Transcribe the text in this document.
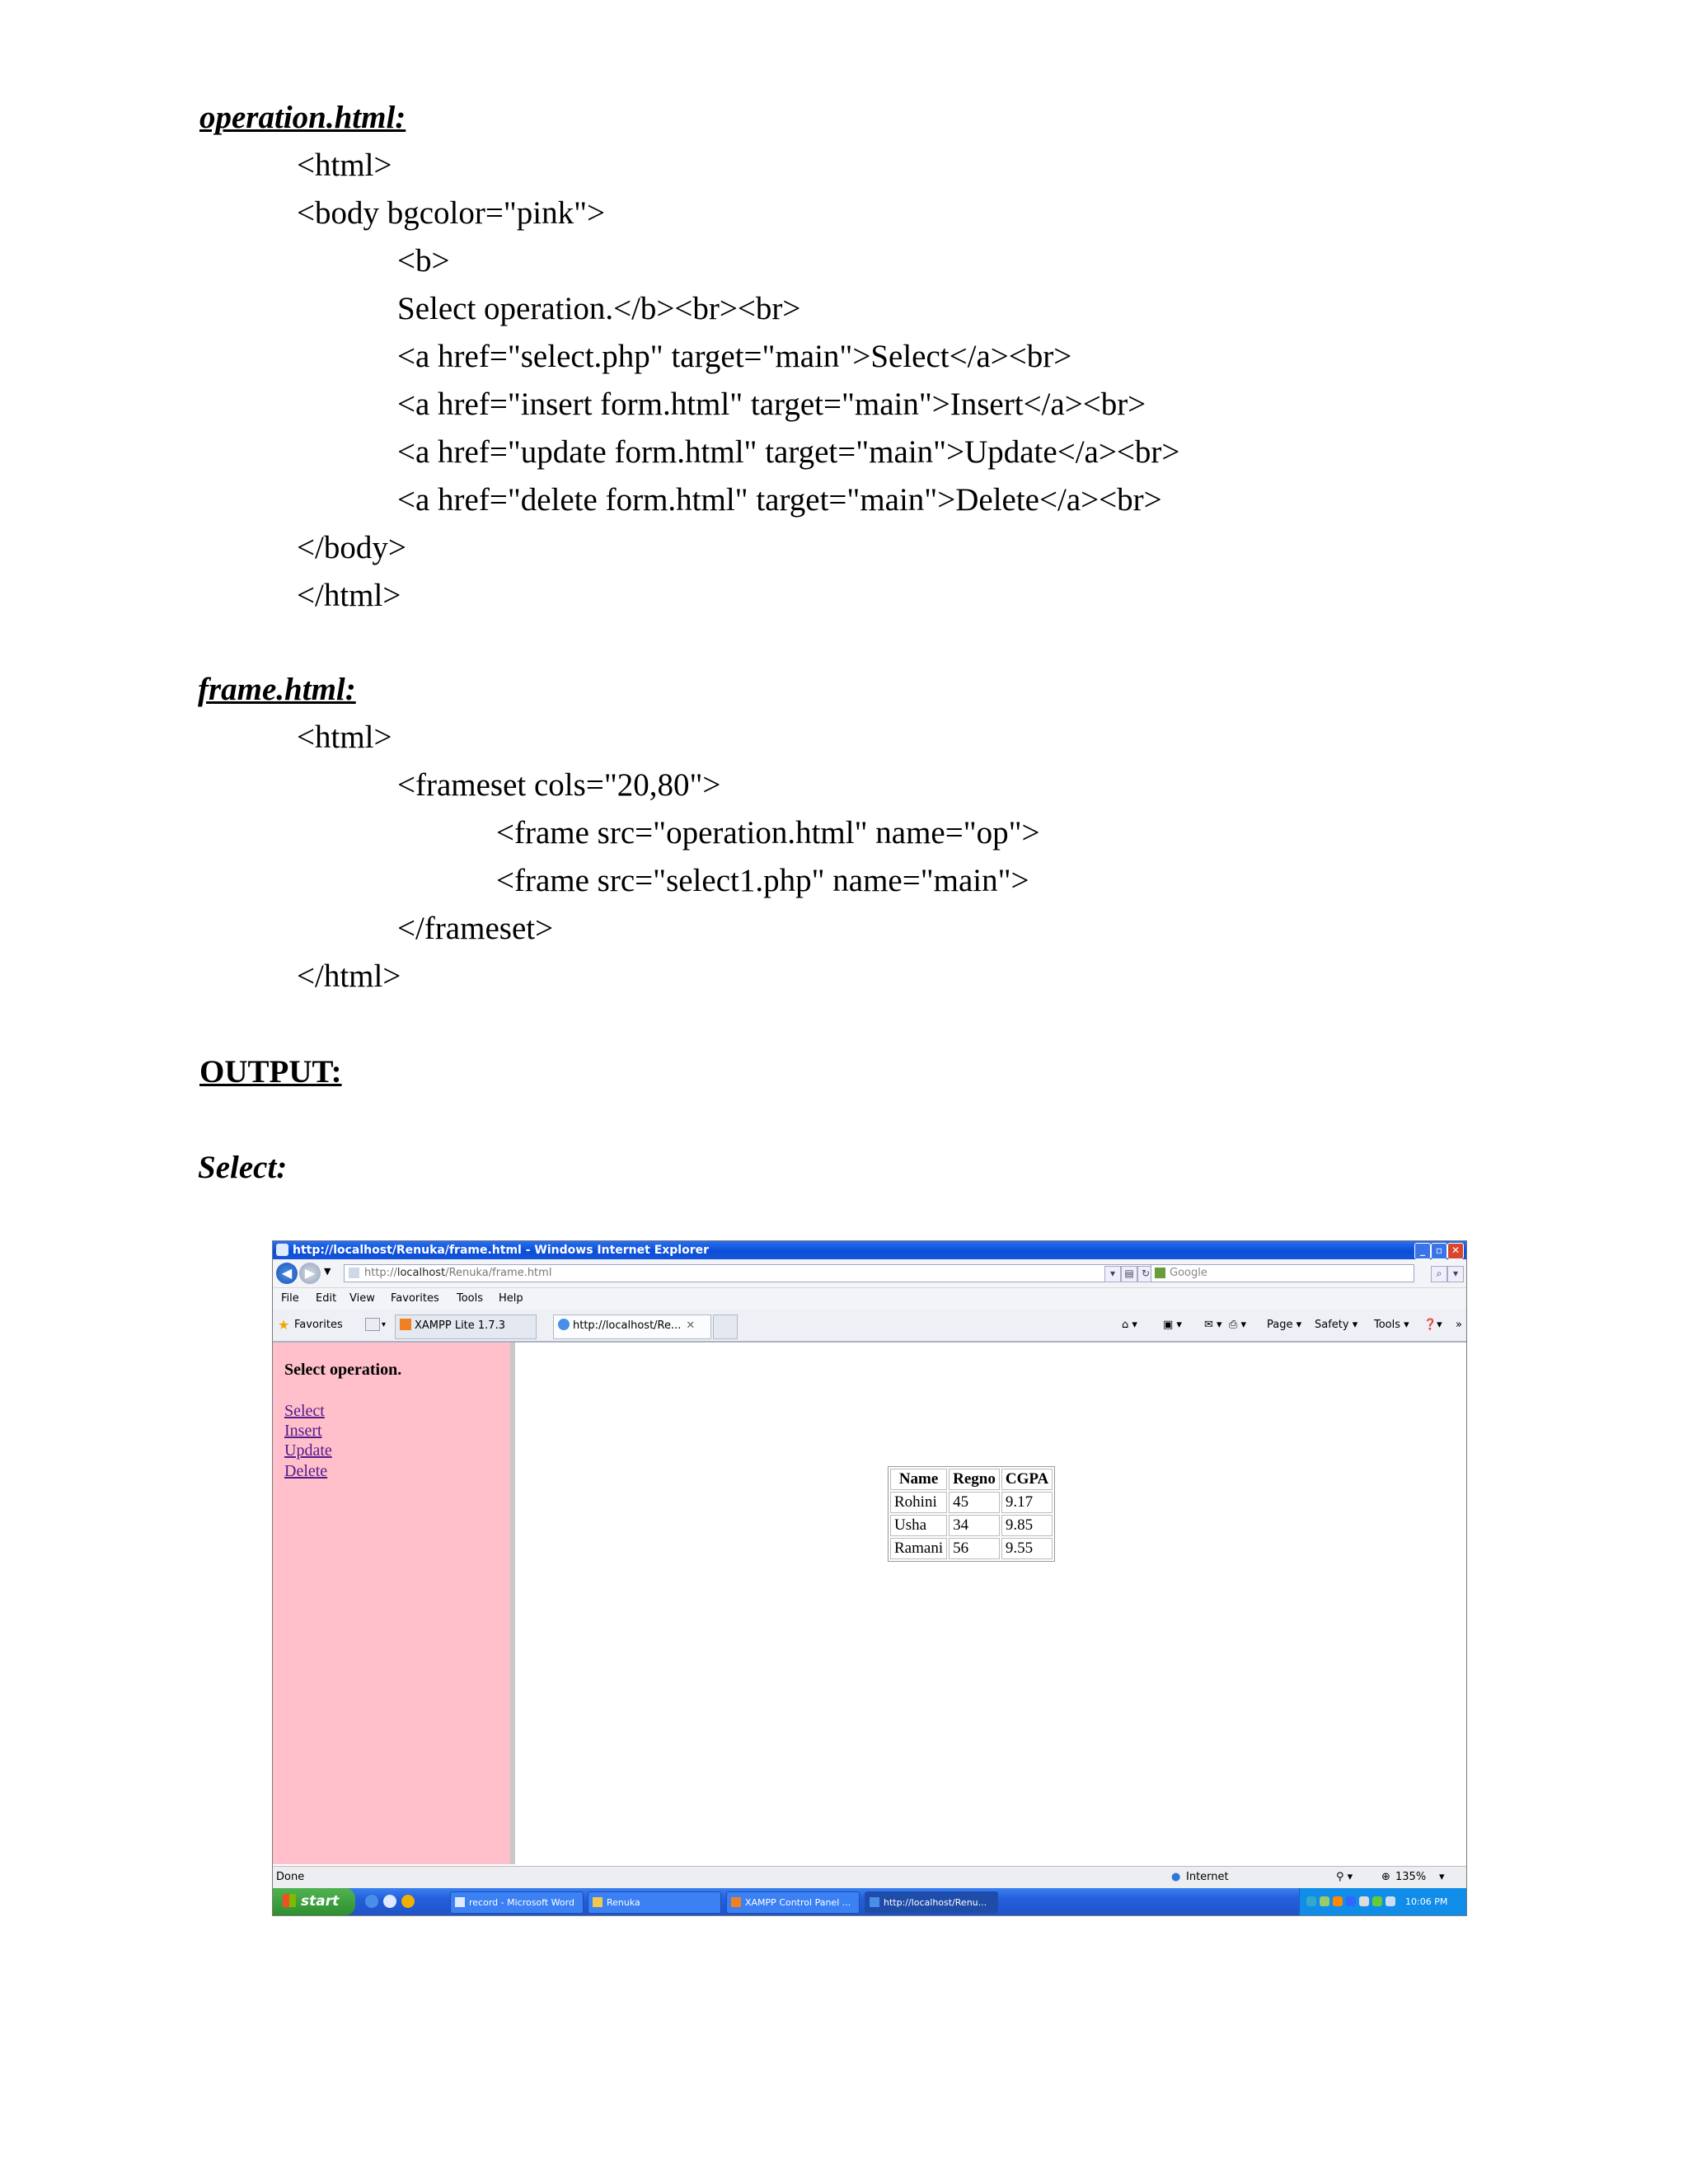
operation.html:
<html>
<body bgcolor="pink">
<b>
Select operation.</b><br><br>
<a href="select.php" target="main">Select</a><br>
<a href="insert form.html" target="main">Insert</a><br>
<a href="update form.html" target="main">Update</a><br>
<a href="delete form.html" target="main">Delete</a><br>
</body>
</html>
frame.html:
<html>
<frameset cols="20,80">
<frame src="operation.html" name="op">
<frame src="select1.php" name="main">
</frameset>
</html>
OUTPUT:
Select:
http://localhost/Renuka/frame.html - Windows Internet Explorer	_	▫ ✕
◀ ▶ ▼	http://localhost/Renuka/frame.html	▾ ▤ ↻	Google	⌕	▾
File Edit View Favorites Tools Help
★ Favorites	▾	XAMPP Lite 1.7.3	http://localhost/Re... ✕	⌂ ▾ ▣ ▾ ✉ ▾ ⎙ ▾ Page ▾ Safety ▾ Tools ▾ ❓▾ »
Select operation.
Select
Insert
Update
Delete	Name	Regno	CGPA
Rohini	45	9.17
Usha	34	9.85
Ramani	56	9.55
Done	● Internet	⚲ ▾	⊕ 135% ▾
start	record - Microsoft Word	Renuka	XAMPP Control Panel ...	http://localhost/Renu...	10:06 PM
